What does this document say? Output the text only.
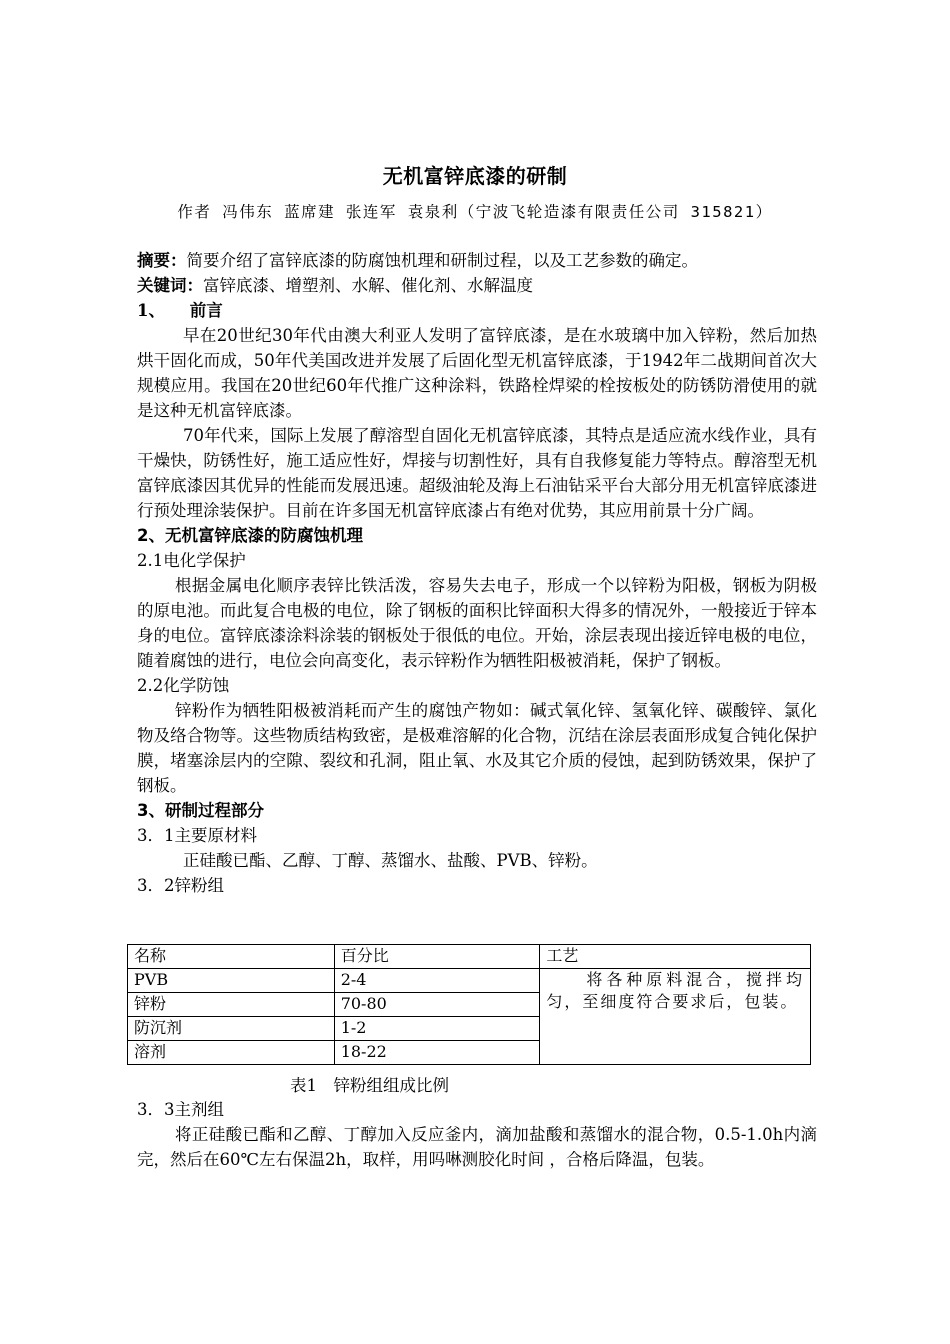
无机富锌底漆的研制
作者 冯伟东 蓝席建 张连军 袁泉利（宁波飞轮造漆有限责任公司 315821）

摘要：简要介绍了富锌底漆的防腐蚀机理和研制过程，以及工艺参数的确定。

关键词：富锌底漆、增塑剂、水解、催化剂、水解温度

1、　　前言

早在20世纪30年代由澳大利亚人发明了富锌底漆，是在水玻璃中加入锌粉，然后加热烘干固化而成，50年代美国改进并发展了后固化型无机富锌底漆，于1942年二战期间首次大规模应用。我国在20世纪60年代推广这种涂料，铁路栓焊梁的栓按板处的防锈防滑使用的就是这种无机富锌底漆。

70年代来，国际上发展了醇溶型自固化无机富锌底漆，其特点是适应流水线作业，具有干燥快，防锈性好，施工适应性好，焊接与切割性好，具有自我修复能力等特点。醇溶型无机富锌底漆因其优异的性能而发展迅速。超级油轮及海上石油钻采平台大部分用无机富锌底漆进行预处理涂装保护。目前在许多国无机富锌底漆占有绝对优势，其应用前景十分广阔。

2、无机富锌底漆的防腐蚀机理

2.1电化学保护

根据金属电化顺序表锌比铁活泼，容易失去电子，形成一个以锌粉为阳极，钢板为阴极的原电池。而此复合电极的电位，除了钢板的面积比锌面积大得多的情况外，一般接近于锌本身的电位。富锌底漆涂料涂装的钢板处于很低的电位。开始，涂层表现出接近锌电极的电位，随着腐蚀的进行，电位会向高变化，表示锌粉作为牺牲阳极被消耗，保护了钢板。

2.2化学防蚀

锌粉作为牺牲阳极被消耗而产生的腐蚀产物如：碱式氧化锌、氢氧化锌、碳酸锌、氯化物及络合物等。这些物质结构致密，是极难溶解的化合物，沉结在涂层表面形成复合钝化保护膜，堵塞涂层内的空隙、裂纹和孔洞，阻止氧、水及其它介质的侵蚀，起到防锈效果，保护了钢板。

3、研制过程部分

3．1主要原材料

正硅酸已酯、乙醇、丁醇、蒸馏水、盐酸、PVB、锌粉。

3．2锌粉组

名称	百分比	工艺
PVB	2-4	将各种原料混合，搅拌均匀，至细度符合要求后，包装。
锌粉	70-80	
防沉剂	1-2	
溶剂	18-22	
表1　锌粉组组成比例

3．3主剂组

将正硅酸已酯和乙醇、丁醇加入反应釜内，滴加盐酸和蒸馏水的混合物，0.5-1.0h内滴完，然后在60℃左右保温2h，取样，用吗啉测胶化时间 ，合格后降温，包装。
